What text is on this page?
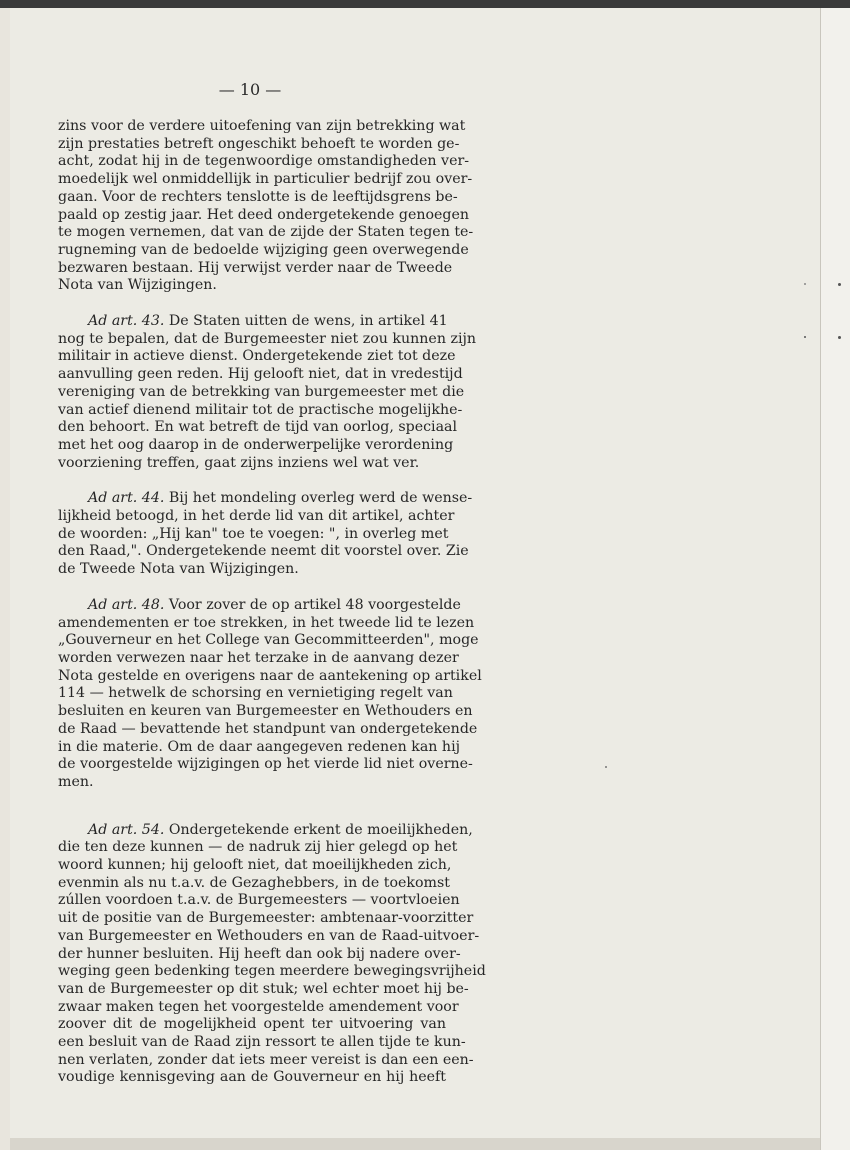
— 10 —
zins voor de verdere uitoefening van zijn betrekking wat
zijn prestaties betreft ongeschikt behoeft te worden ge-
acht, zodat hij in de tegenwoordige omstandigheden ver-
moedelijk wel onmiddellijk in particulier bedrijf zou over-
gaan. Voor de rechters tenslotte is de leeftijdsgrens be-
paald op zestig jaar. Het deed ondergetekende genoegen
te mogen vernemen, dat van de zijde der Staten tegen te-
rugneming van de bedoelde wijziging geen overwegende
bezwaren bestaan. Hij verwijst verder naar de Tweede
Nota van Wijzigingen.
Ad art. 43. De Staten uitten de wens, in artikel 41
nog te bepalen, dat de Burgemeester niet zou kunnen zijn
militair in actieve dienst. Ondergetekende ziet tot deze
aanvulling geen reden. Hij gelooft niet, dat in vredestijd
vereniging van de betrekking van burgemeester met die
van actief dienend militair tot de practische mogelijkhe-
den behoort. En wat betreft de tijd van oorlog, speciaal
met het oog daarop in de onderwerpelijke verordening
voorziening treffen, gaat zijns inziens wel wat ver.
Ad art. 44. Bij het mondeling overleg werd de wense-
lijkheid betoogd, in het derde lid van dit artikel, achter
de woorden: „Hij kan" toe te voegen: ", in overleg met
den Raad,". Ondergetekende neemt dit voorstel over. Zie
de Tweede Nota van Wijzigingen.
Ad art. 48. Voor zover de op artikel 48 voorgestelde
amendementen er toe strekken, in het tweede lid te lezen
„Gouverneur en het College van Gecommitteerden", moge
worden verwezen naar het terzake in de aanvang dezer
Nota gestelde en overigens naar de aantekening op artikel
114 — hetwelk de schorsing en vernietiging regelt van
besluiten en keuren van Burgemeester en Wethouders en
de Raad — bevattende het standpunt van ondergetekende
in die materie. Om de daar aangegeven redenen kan hij
de voorgestelde wijzigingen op het vierde lid niet overne-
men.
Ad art. 54. Ondergetekende erkent de moeilijkheden,
die ten deze kunnen — de nadruk zij hier gelegd op het
woord kunnen; hij gelooft niet, dat moeilijkheden zich,
evenmin als nu t.a.v. de Gezaghebbers, in de toekomst
zúllen voordoen t.a.v. de Burgemeesters — voortvloeien
uit de positie van de Burgemeester: ambtenaar-voorzitter
van Burgemeester en Wethouders en van de Raad-uitvoer-
der hunner besluiten. Hij heeft dan ook bij nadere over-
weging geen bedenking tegen meerdere bewegingsvrijheid
van de Burgemeester op dit stuk; wel echter moet hij be-
zwaar maken tegen het voorgestelde amendement voor
zoover dit de mogelijkheid opent ter uitvoering van
een besluit van de Raad zijn ressort te allen tijde te kun-
nen verlaten, zonder dat iets meer vereist is dan een een-
voudige kennisgeving aan de Gouverneur en hij heeft
